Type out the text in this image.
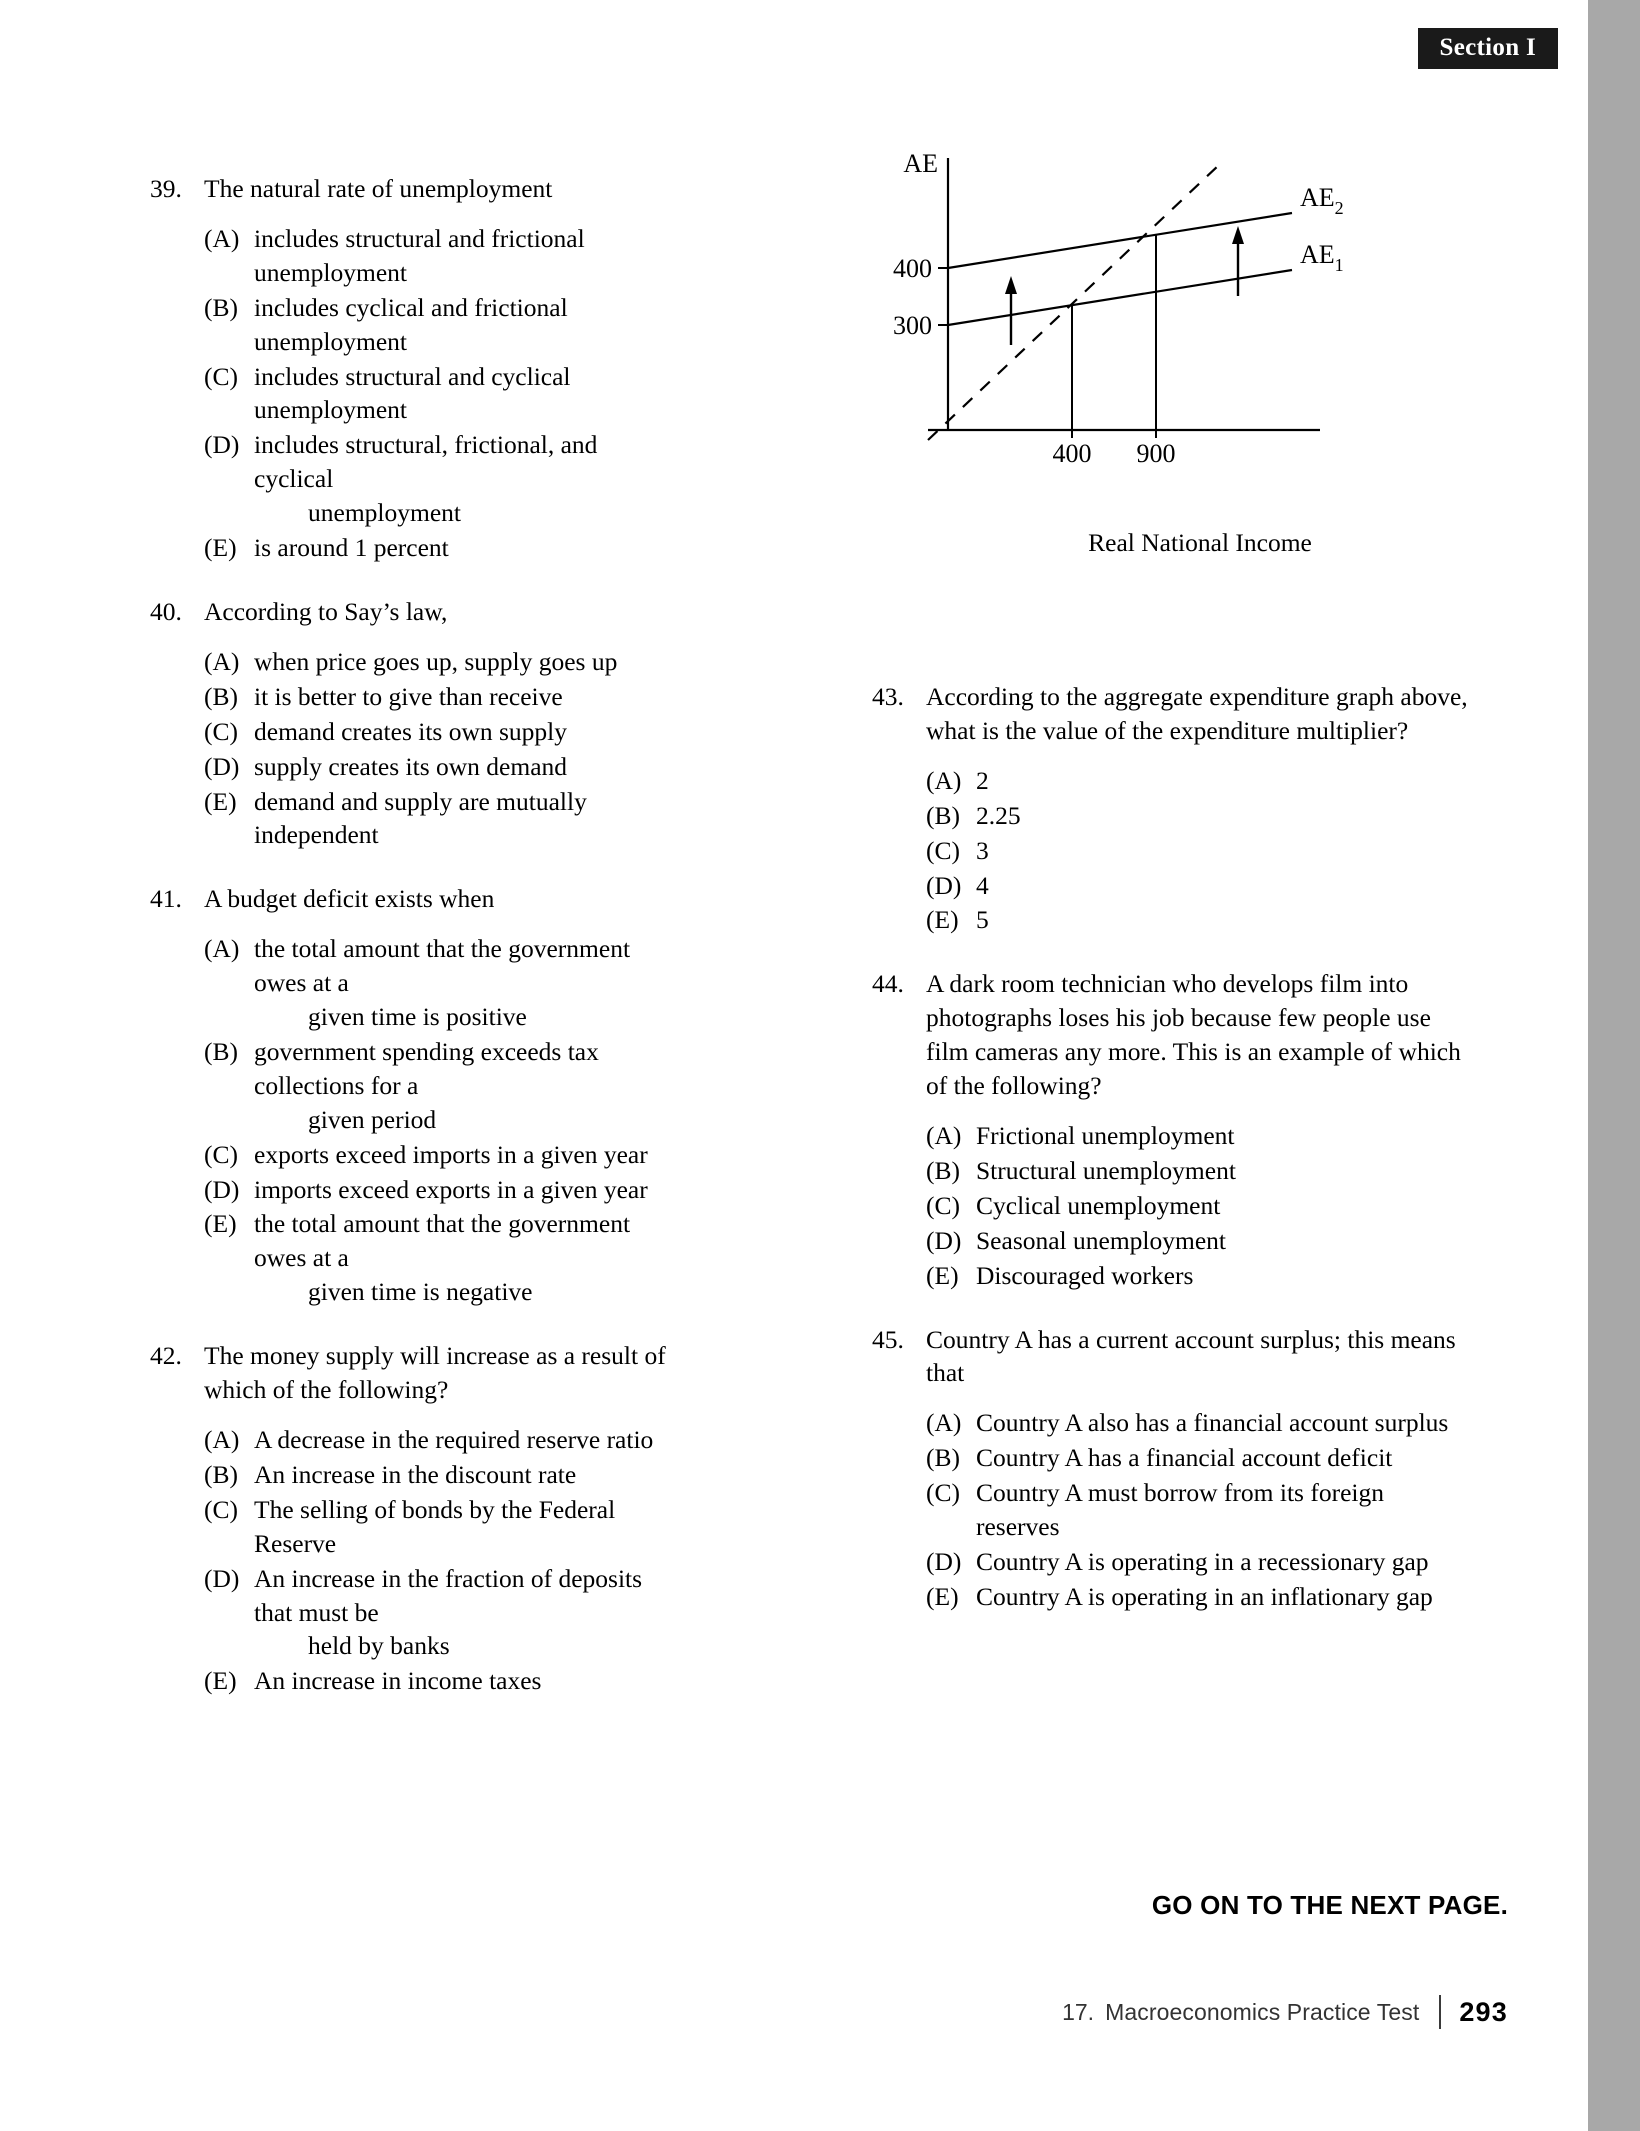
Section I
AE
400
300
400 900
$AE_2$
$AE_1$
Real National Income
39. The natural rate of unemployment
(A) includes structural and frictional unemployment
(B) includes cyclical and frictional unemployment
(C) includes structural and cyclical unemployment
(D) includes structural, frictional, and cyclical
unemployment
(E) is around 1 percent
40. According to Say’s law,
(A) when price goes up, supply goes up
(B) it is better to give than receive
(C) demand creates its own supply
(D) supply creates its own demand
(E) demand and supply are mutually independent
41. A budget deficit exists when
(A) the total amount that the government owes at a
given time is positive
(B) government spending exceeds tax collections for a
given period
(C) exports exceed imports in a given year
(D) imports exceed exports in a given year
(E) the total amount that the government owes at a
given time is negative
42. The money supply will increase as a result of which of the following?
(A) A decrease in the required reserve ratio
(B) An increase in the discount rate
(C) The selling of bonds by the Federal Reserve
(D) An increase in the fraction of deposits that must be
held by banks
(E) An increase in income taxes
43. According to the aggregate expenditure graph above, what is the value of the expenditure multiplier?
(A) 2
(B) 2.25
(C) 3
(D) 4
(E) 5
44. A dark room technician who develops film into photographs loses his job because few people use film cameras any more. This is an example of which of the following?
(A) Frictional unemployment
(B) Structural unemployment
(C) Cyclical unemployment
(D) Seasonal unemployment
(E) Discouraged workers
45. Country A has a current account surplus; this means that
(A) Country A also has a financial account surplus
(B) Country A has a financial account deficit
(C) Country A must borrow from its foreign reserves
(D) Country A is operating in a recessionary gap
(E) Country A is operating in an inflationary gap
GO ON TO THE NEXT PAGE.
17. Macroeconomics Practice Test 293
